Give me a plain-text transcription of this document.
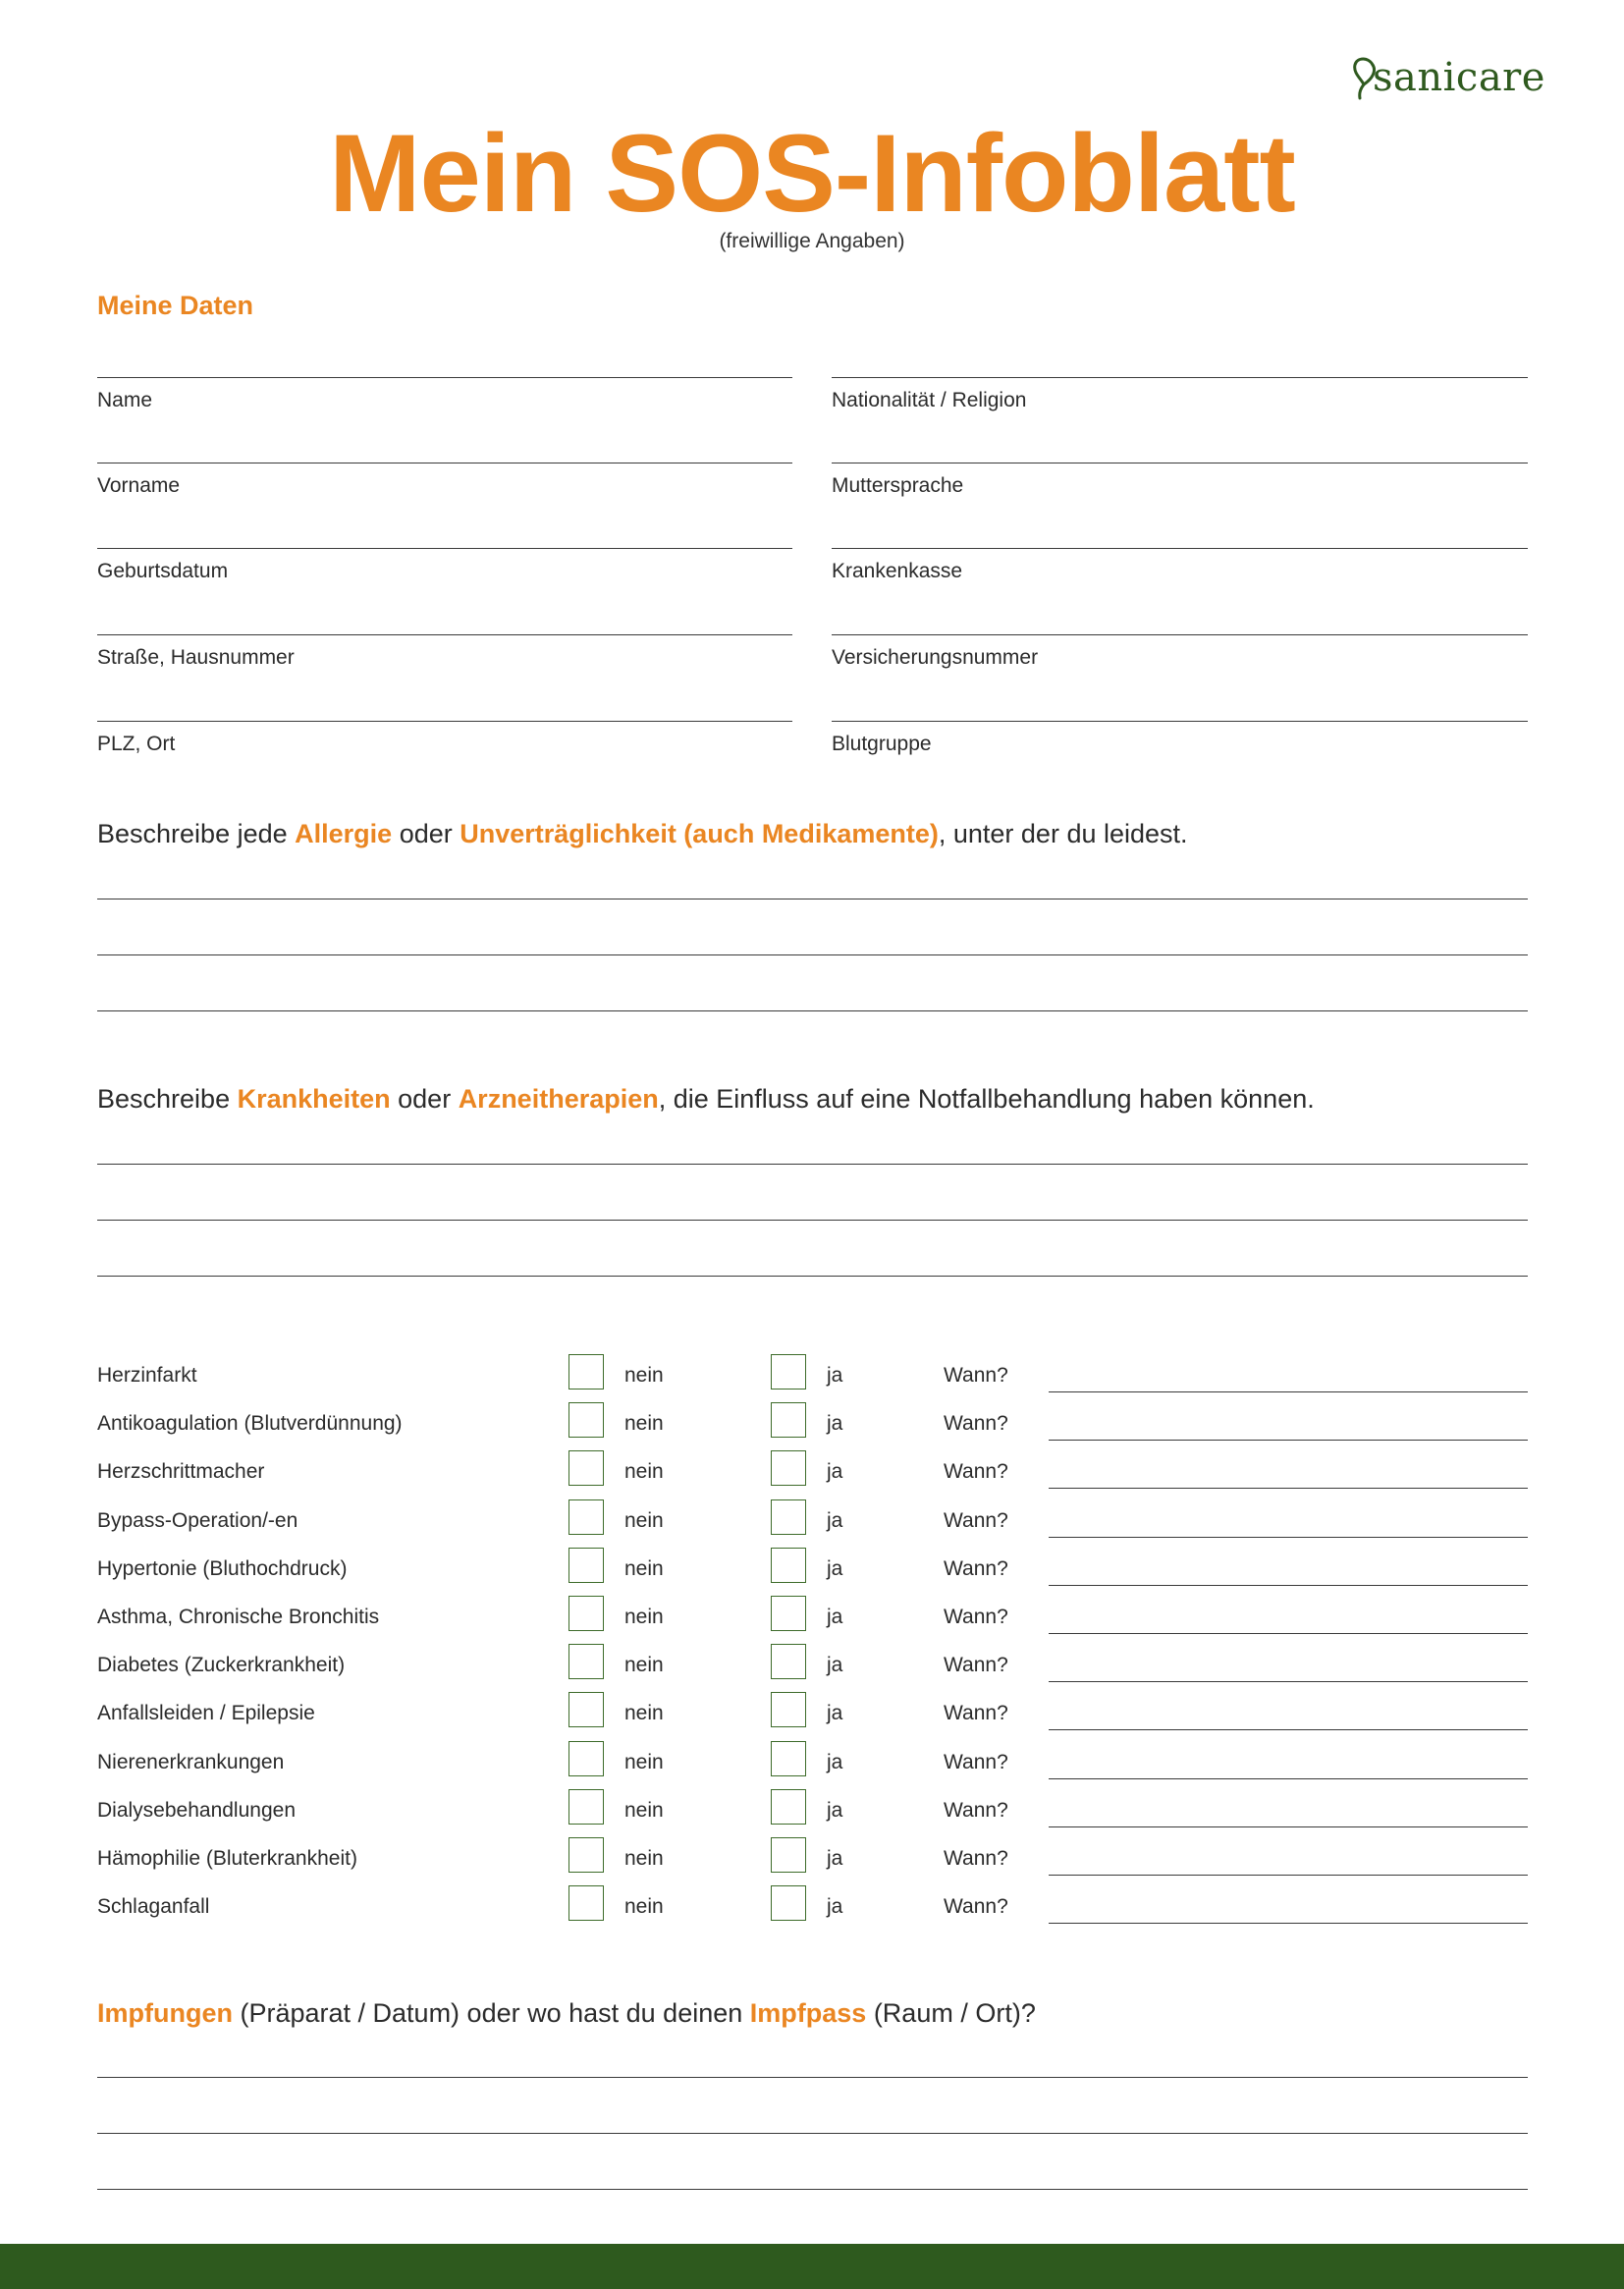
sanicare
Mein SOS-Infoblatt
(freiwillige Angaben)
Meine Daten
Name
Vorname
Geburtsdatum
Straße, Hausnummer
PLZ, Ort
Nationalität / Religion
Muttersprache
Krankenkasse
Versicherungsnummer
Blutgruppe
Beschreibe jede Allergie oder Unverträglichkeit (auch Medikamente), unter der du leidest.
Beschreibe Krankheiten oder Arzneitherapien, die Einfluss auf eine Notfallbehandlung haben können.
Herzinfarkt	nein	ja	Wann?
Antikoagulation (Blutverdünnung)	nein	ja	Wann?
Herzschrittmacher	nein	ja	Wann?
Bypass-Operation/-en	nein	ja	Wann?
Hypertonie (Bluthochdruck)	nein	ja	Wann?
Asthma, Chronische Bronchitis	nein	ja	Wann?
Diabetes (Zuckerkrankheit)	nein	ja	Wann?
Anfallsleiden / Epilepsie	nein	ja	Wann?
Nierenerkrankungen	nein	ja	Wann?
Dialysebehandlungen	nein	ja	Wann?
Hämophilie (Bluterkrankheit)	nein	ja	Wann?
Schlaganfall	nein	ja	Wann?
Impfungen (Präparat / Datum) oder wo hast du deinen Impfpass (Raum / Ort)?
